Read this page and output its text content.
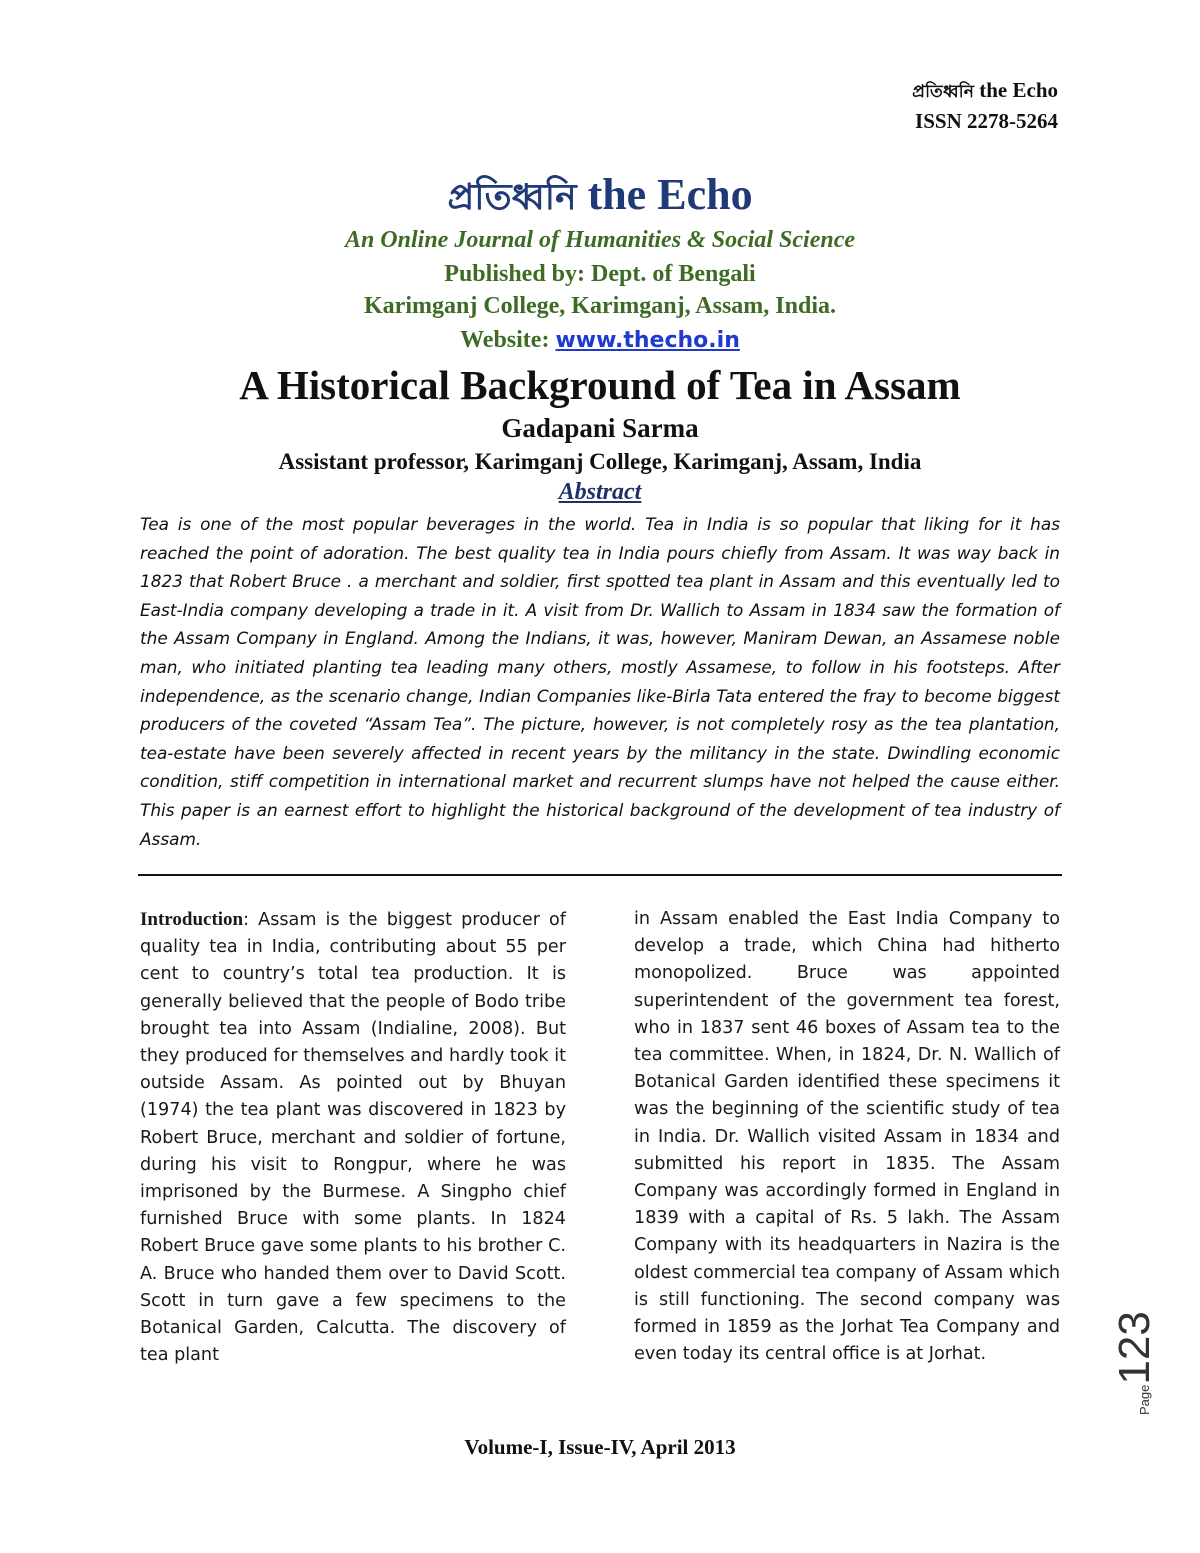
প্রতিধ্বনি the Echo
ISSN 2278-5264
প্রতিধ্বনি the Echo
An Online Journal of Humanities & Social Science
Published by: Dept. of Bengali
Karimganj College, Karimganj, Assam, India.
Website: www.thecho.in
A Historical Background of Tea in Assam
Gadapani Sarma
Assistant professor, Karimganj College, Karimganj, Assam, India
Abstract

Tea is one of the most popular beverages in the world. Tea in India is so popular that liking for it has reached the point of adoration. The best quality tea in India pours chiefly from Assam. It was way back in 1823 that Robert Bruce . a merchant and soldier, first spotted tea plant in Assam and this eventually led to East-India company developing a trade in it. A visit from Dr. Wallich to Assam in 1834 saw the formation of the Assam Company in England. Among the Indians, it was, however, Maniram Dewan, an Assamese noble man, who initiated planting tea leading many others, mostly Assamese, to follow in his footsteps. After independence, as the scenario change, Indian Companies like-Birla Tata entered the fray to become biggest producers of the coveted “Assam Tea”. The picture, however, is not completely rosy as the tea plantation, tea-estate have been severely affected in recent years by the militancy in the state. Dwindling economic condition, stiff competition in international market and recurrent slumps have not helped the cause either. This paper is an earnest effort to highlight the historical background of the development of tea industry of Assam.

Introduction: Assam is the biggest producer of quality tea in India, contributing about 55 per cent to country’s total tea production. It is generally believed that the people of Bodo tribe brought tea into Assam (Indialine, 2008). But they produced for themselves and hardly took it outside Assam. As pointed out by Bhuyan (1974) the tea plant was discovered in 1823 by Robert Bruce, merchant and soldier of fortune, during his visit to Rongpur, where he was imprisoned by the Burmese. A Singpho chief furnished Bruce with some plants. In 1824 Robert Bruce gave some plants to his brother C. A. Bruce who handed them over to David Scott. Scott in turn gave a few specimens to the Botanical Garden, Calcutta. The discovery of tea plant

in Assam enabled the East India Company to develop a trade, which China had hitherto monopolized. Bruce was appointed superintendent of the government tea forest, who in 1837 sent 46 boxes of Assam tea to the tea committee. When, in 1824, Dr. N. Wallich of Botanical Garden identified these specimens it was the beginning of the scientific study of tea in India. Dr. Wallich visited Assam in 1834 and submitted his report in 1835. The Assam Company was accordingly formed in England in 1839 with a capital of Rs. 5 lakh. The Assam Company with its headquarters in Nazira is the oldest commercial tea company of Assam which is still functioning. The second company was formed in 1859 as the Jorhat Tea Company and even today its central office is at Jorhat.

Page123
Volume-I, Issue-IV, April 2013
